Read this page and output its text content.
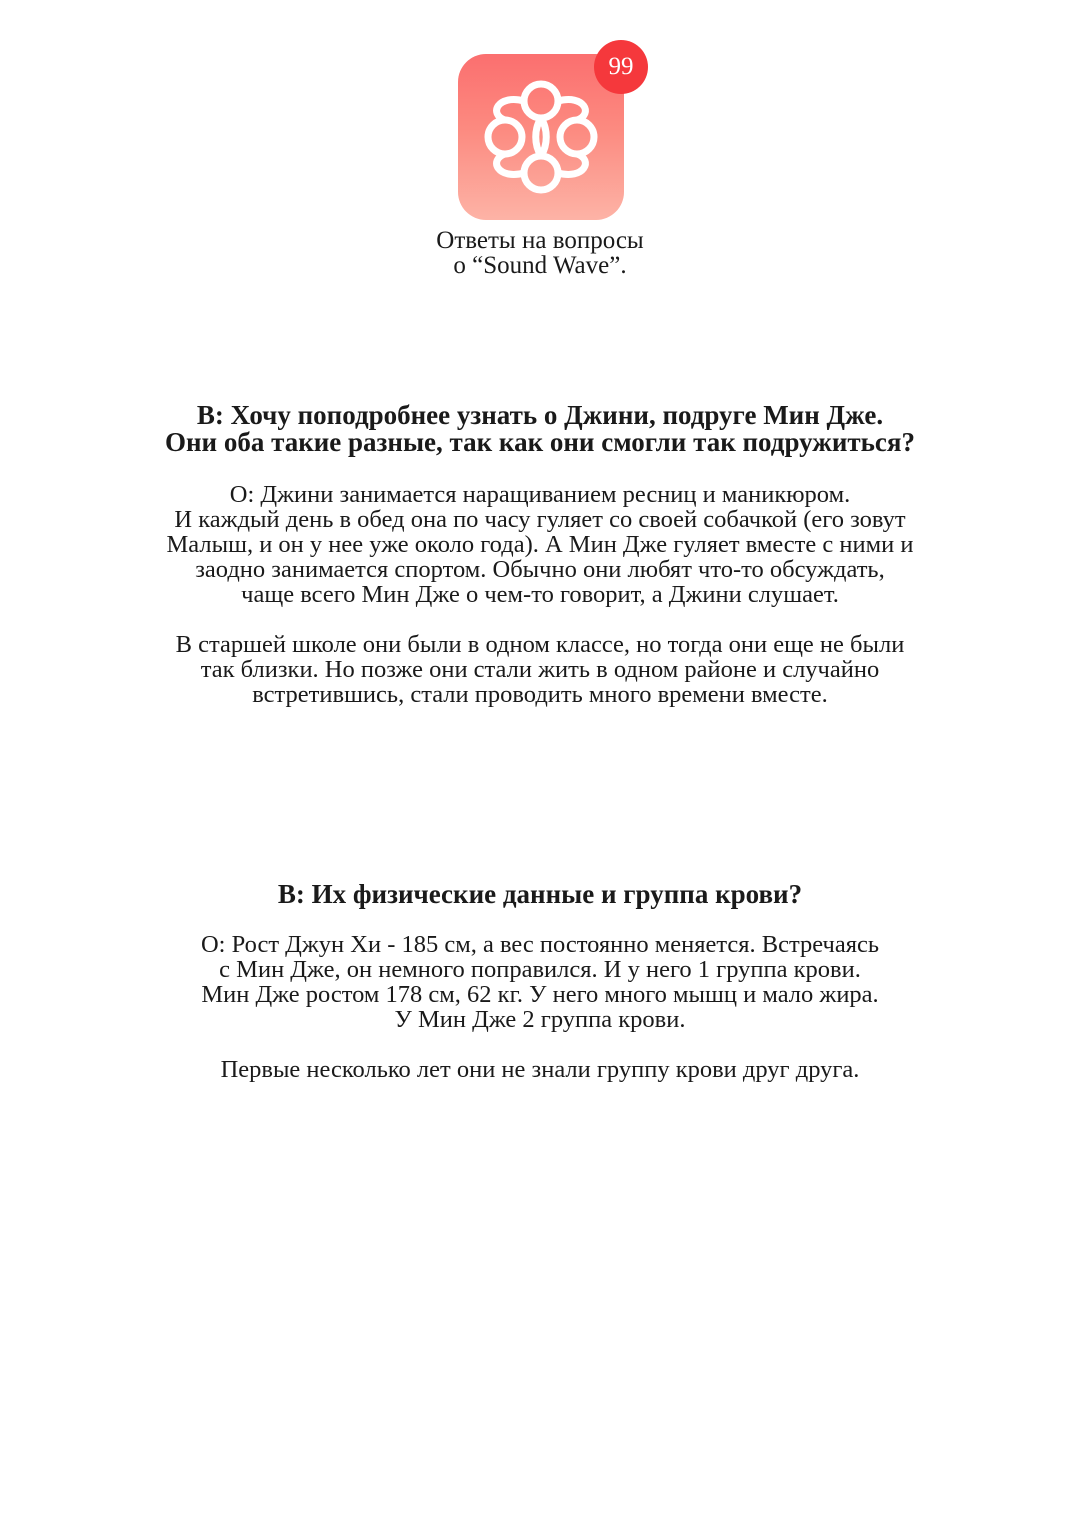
99
Ответы на вопросы
о “Sound Wave”.
В: Хочу поподробнее узнать о Джини, подруге Мин Дже.
Они оба такие разные, так как они смогли так подружиться?
О: Джини занимается наращиванием ресниц и маникюром.
И каждый день в обед она по часу гуляет со своей собачкой (его зовут
Малыш, и он у нее уже около года). А Мин Дже гуляет вместе с ними и
заодно занимается спортом. Обычно они любят что-то обсуждать,
чаще всего Мин Дже о чем-то говорит, а Джини слушает.
В старшей школе они были в одном классе, но тогда они еще не были
так близки. Но позже они стали жить в одном районе и случайно
встретившись, стали проводить много времени вместе.
В: Их физические данные и группа крови?
О: Рост Джун Хи - 185 см, а вес постоянно меняется. Встречаясь
с Мин Дже, он немного поправился. И у него 1 группа крови.
Мин Дже ростом 178 см, 62 кг. У него много мышц и мало жира.
У Мин Дже 2 группа крови.
Первые несколько лет они не знали группу крови друг друга.
